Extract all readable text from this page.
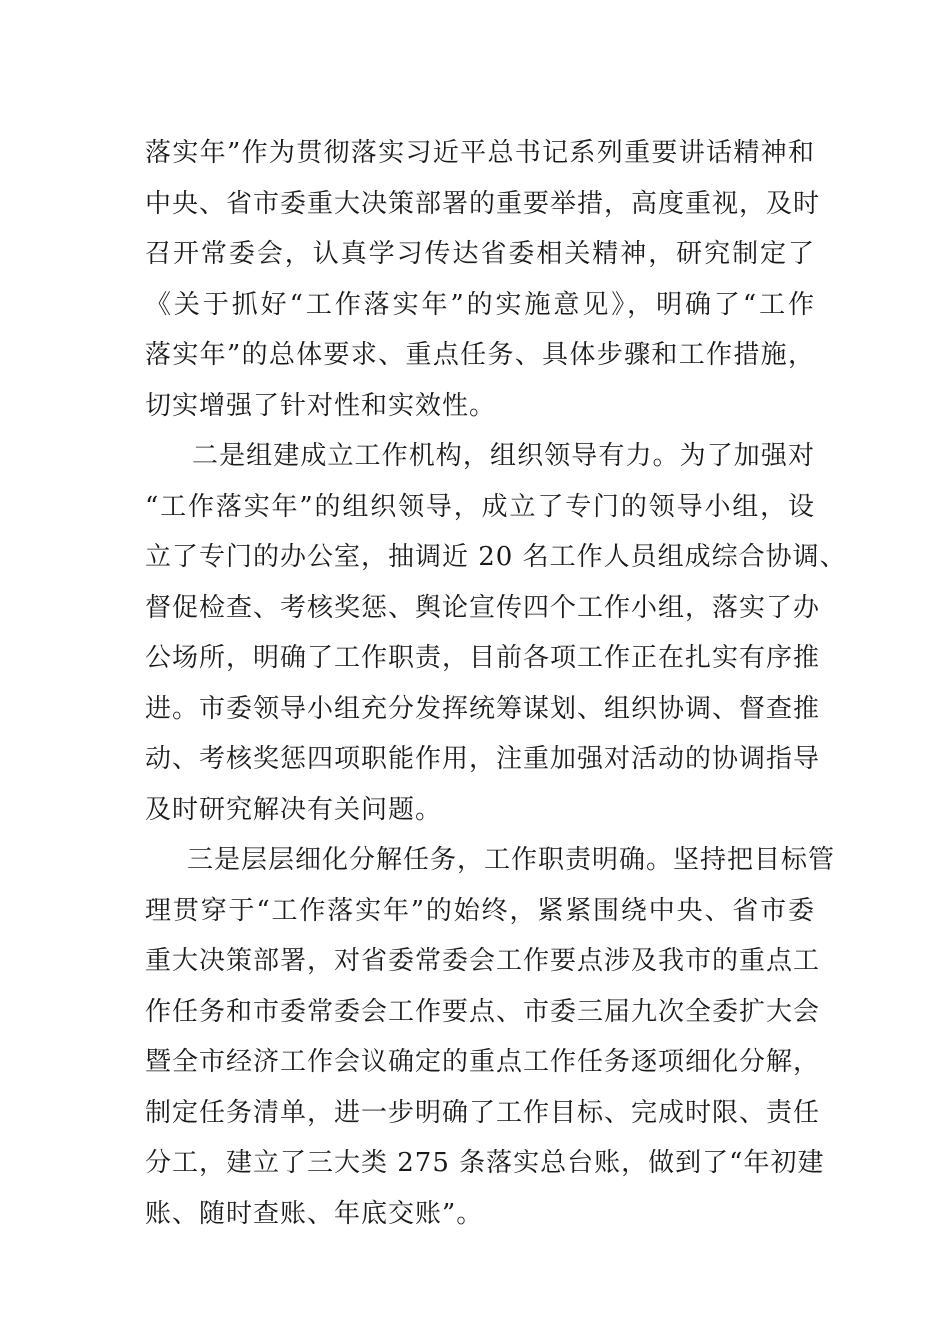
落实年”作为贯彻落实习近平总书记系列重要讲话精神和
中央、省市委重大决策部署的重要举措，高度重视，及时
召开常委会，认真学习传达省委相关精神，研究制定了
《关于抓好“工作落实年”的实施意见》，明确了“工作
落实年”的总体要求、重点任务、具体步骤和工作措施，
切实增强了针对性和实效性。
二是组建成立工作机构，组织领导有力。为了加强对
“工作落实年”的组织领导，成立了专门的领导小组，设
立了专门的办公室，抽调近 20 名工作人员组成综合协调、
督促检查、考核奖惩、舆论宣传四个工作小组，落实了办
公场所，明确了工作职责，目前各项工作正在扎实有序推
进。市委领导小组充分发挥统筹谋划、组织协调、督查推
动、考核奖惩四项职能作用，注重加强对活动的协调指导
及时研究解决有关问题。
三是层层细化分解任务，工作职责明确。坚持把目标管
理贯穿于“工作落实年”的始终，紧紧围绕中央、省市委
重大决策部署，对省委常委会工作要点涉及我市的重点工
作任务和市委常委会工作要点、市委三届九次全委扩大会
暨全市经济工作会议确定的重点工作任务逐项细化分解，
制定任务清单，进一步明确了工作目标、完成时限、责任
分工，建立了三大类 275 条落实总台账，做到了“年初建
账、随时查账、年底交账”。
